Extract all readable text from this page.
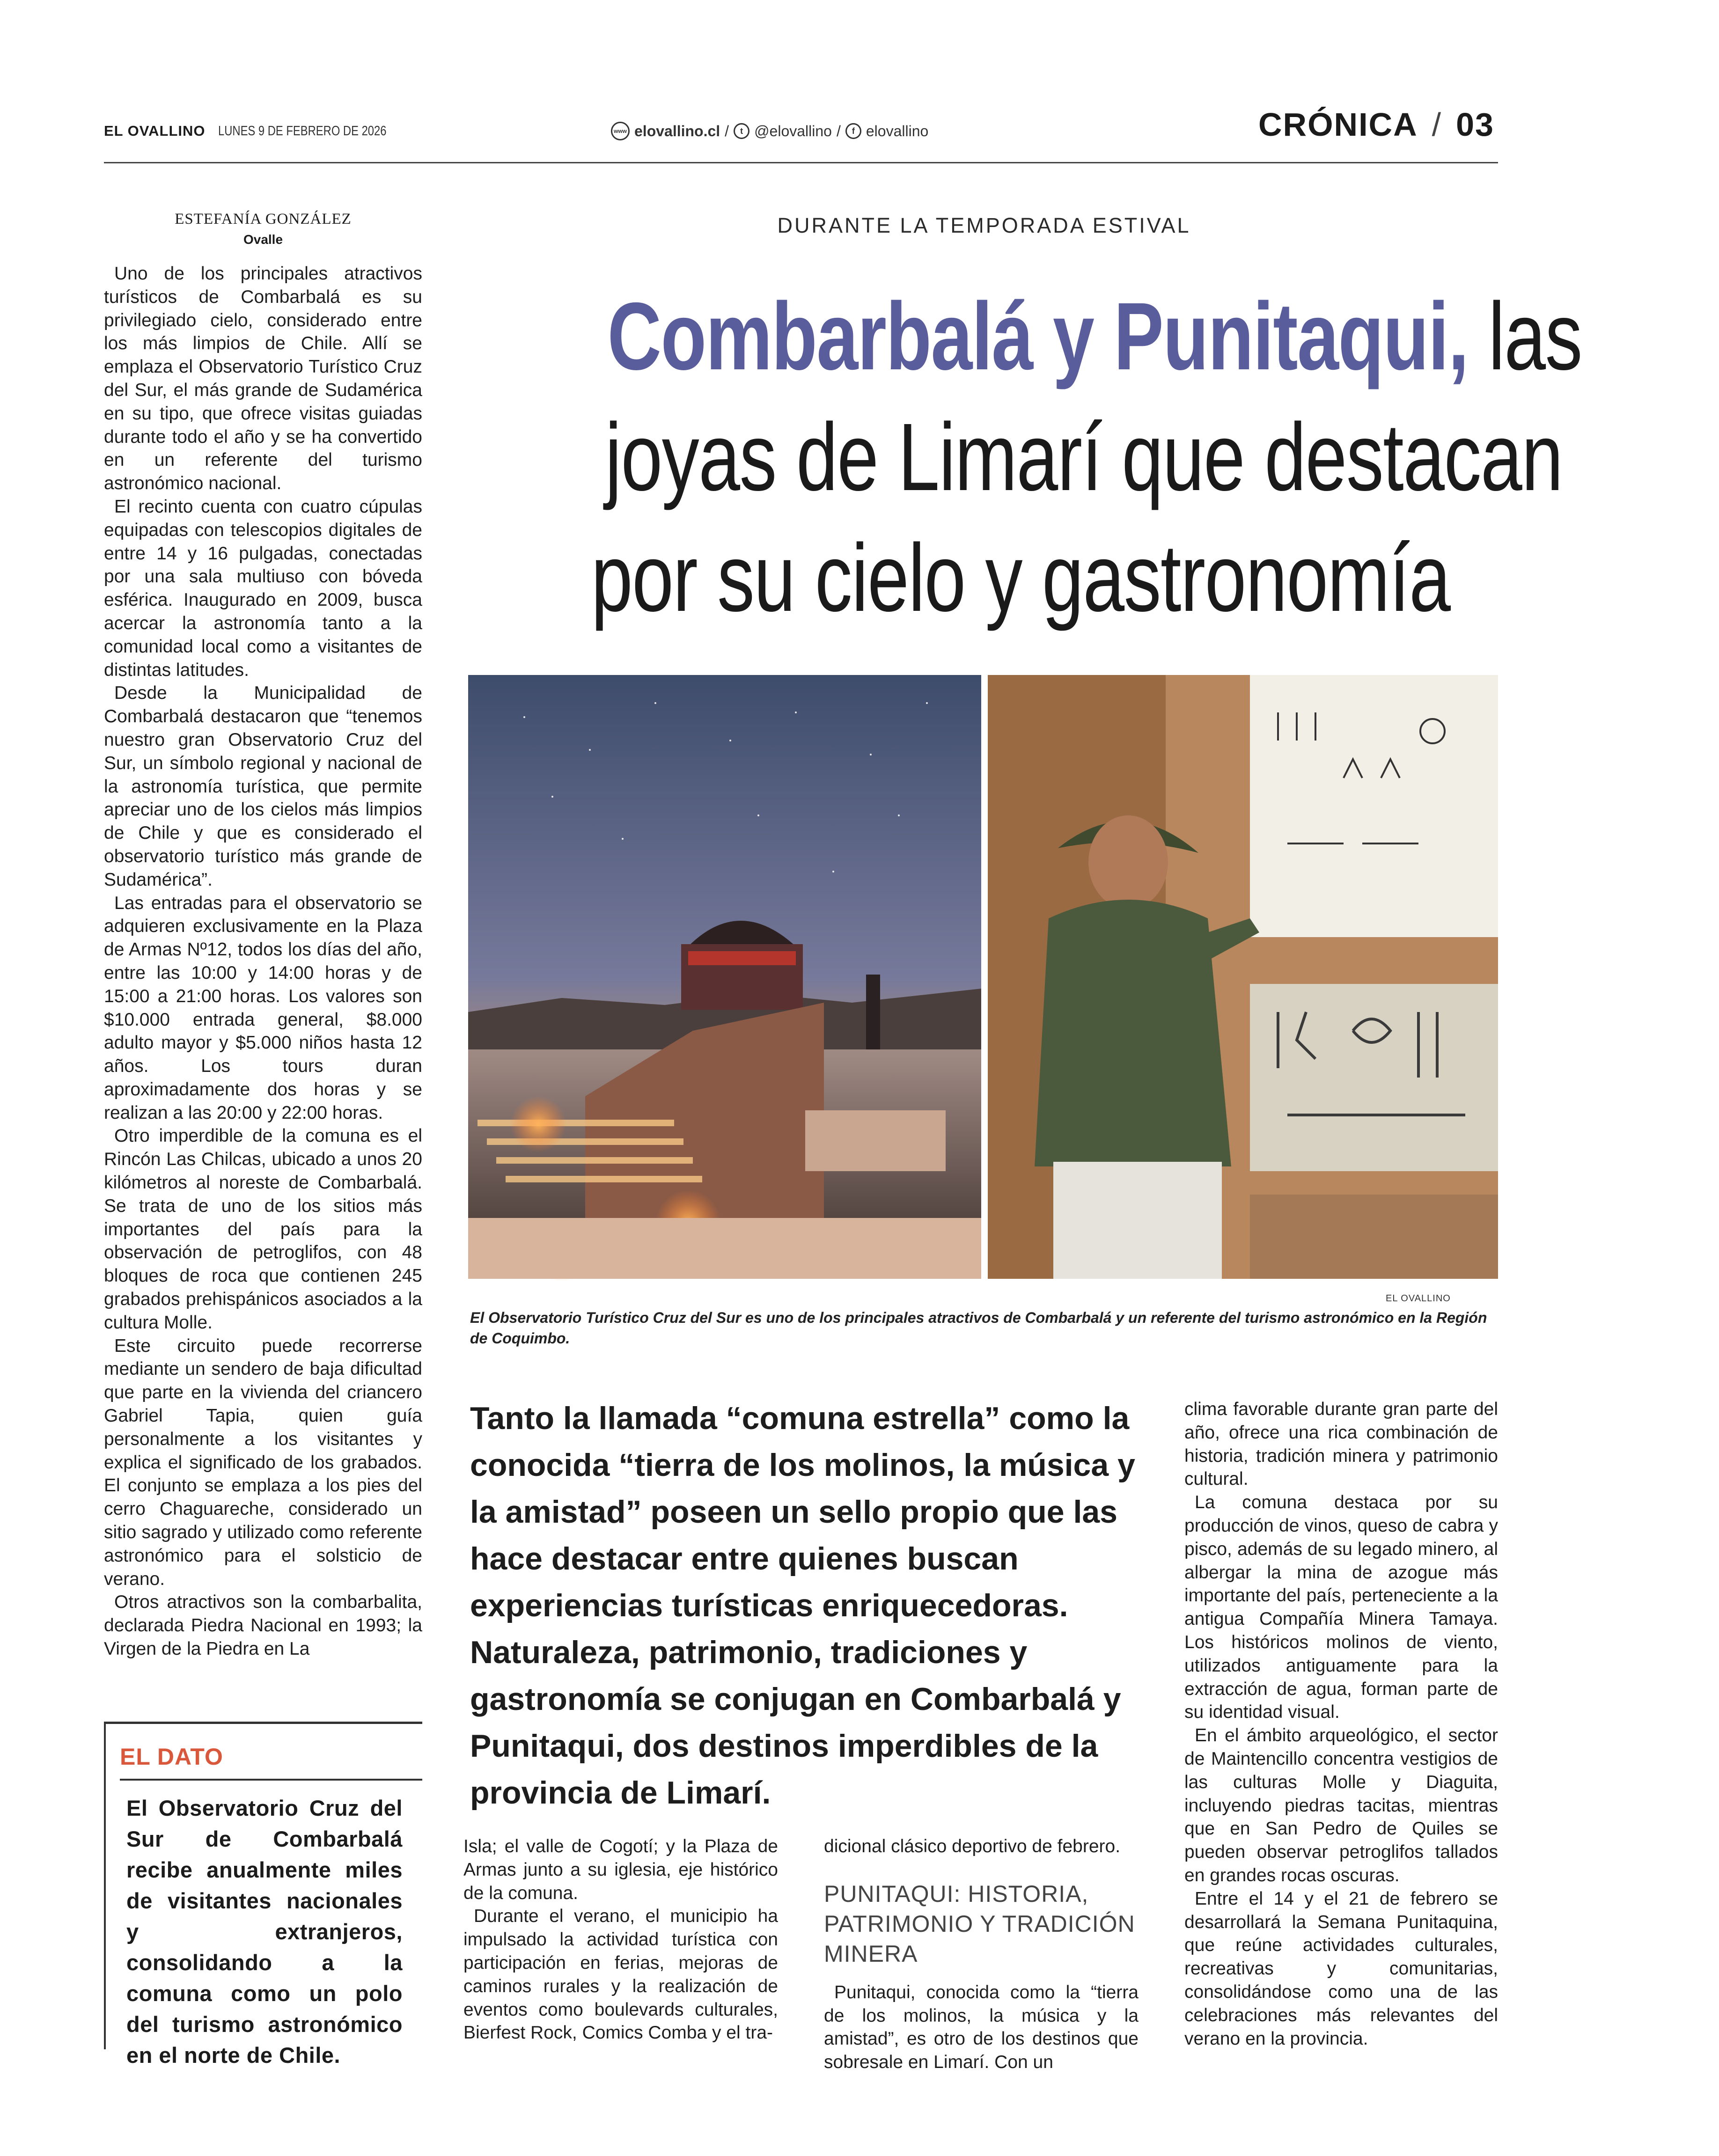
EL OVALLINO LUNES 9 DE FEBRERO DE 2026	www elovallino.cl /	t @elovallino /	f elovallino	CRÓNICA / 03
ESTEFANÍA GONZÁLEZ
Ovalle

Uno de los principales atractivos turísticos de Combarbalá es su privilegiado cielo, considerado entre los más limpios de Chile. Allí se emplaza el Observatorio Turístico Cruz del Sur, el más grande de Sudamérica en su tipo, que ofrece visitas guiadas durante todo el año y se ha convertido en un referente del turismo astronómico nacional.

El recinto cuenta con cuatro cúpulas equipadas con telescopios digitales de entre 14 y 16 pulgadas, conectadas por una sala multiuso con bóveda esférica. Inaugurado en 2009, busca acercar la astronomía tanto a la comunidad local como a visitantes de distintas latitudes.

Desde la Municipalidad de Combarbalá destacaron que “tenemos nuestro gran Observatorio Cruz del Sur, un símbolo regional y nacional de la astronomía turística, que permite apreciar uno de los cielos más limpios de Chile y que es considerado el observatorio turístico más grande de Sudamérica”.

Las entradas para el observatorio se adquieren exclusivamente en la Plaza de Armas Nº12, todos los días del año, entre las 10:00 y 14:00 horas y de 15:00 a 21:00 horas. Los valores son $10.000 entrada general, $8.000 adulto mayor y $5.000 niños hasta 12 años. Los tours duran aproximadamente dos horas y se realizan a las 20:00 y 22:00 horas.

Otro imperdible de la comuna es el Rincón Las Chilcas, ubicado a unos 20 kilómetros al noreste de Combarbalá. Se trata de uno de los sitios más importantes del país para la observación de petroglifos, con 48 bloques de roca que contienen 245 grabados prehispánicos asociados a la cultura Molle.

Este circuito puede recorrerse mediante un sendero de baja dificultad que parte en la vivienda del criancero Gabriel Tapia, quien guía personalmente a los visitantes y explica el significado de los grabados. El conjunto se emplaza a los pies del cerro Chaguareche, considerado un sitio sagrado y utilizado como referente astronómico para el solsticio de verano.

Otros atractivos son la combarbalita, declarada Piedra Nacional en 1993; la Virgen de la Piedra en La

EL DATO
El Observatorio Cruz del Sur de Combarbalá recibe anualmente miles de visitantes nacionales y extranjeros, consolidando a la comuna como un polo del turismo astronómico en el norte de Chile.
DURANTE LA TEMPORADA ESTIVAL
Combarbalá y Punitaqui, las
joyas de Limarí que destacan
por su cielo y gastronomía
EL OVALLINO
El Observatorio Turístico Cruz del Sur es uno de los principales atractivos de Combarbalá y un referente del turismo astronómico en la Región de Coquimbo.
Tanto la llamada “comuna estrella” como la conocida “tierra de los molinos, la música y la amistad” poseen un sello propio que las hace destacar entre quienes buscan experiencias turísticas enriquecedoras. Naturaleza, patrimonio, tradiciones y gastronomía se conjugan en Combarbalá y Punitaqui, dos destinos imperdibles de la provincia de Limarí.

Isla; el valle de Cogotí; y la Plaza de Armas junto a su iglesia, eje histórico de la comuna.

Durante el verano, el municipio ha impulsado la actividad turística con participación en ferias, mejoras de caminos rurales y la realización de eventos como boulevards culturales, Bierfest Rock, Comics Comba y el tra-

dicional clásico deportivo de febrero.

PUNITAQUI: HISTORIA, PATRIMONIO Y TRADICIÓN MINERA

Punitaqui, conocida como la “tierra de los molinos, la música y la amistad”, es otro de los destinos que sobresale en Limarí. Con un

clima favorable durante gran parte del año, ofrece una rica combinación de historia, tradición minera y patrimonio cultural.

La comuna destaca por su producción de vinos, queso de cabra y pisco, además de su legado minero, al albergar la mina de azogue más importante del país, perteneciente a la antigua Compañía Minera Tamaya. Los históricos molinos de viento, utilizados antiguamente para la extracción de agua, forman parte de su identidad visual.

En el ámbito arqueológico, el sector de Maintencillo concentra vestigios de las culturas Molle y Diaguita, incluyendo piedras tacitas, mientras que en San Pedro de Quiles se pueden observar petroglifos tallados en grandes rocas oscuras.

Entre el 14 y el 21 de febrero se desarrollará la Semana Punitaquina, que reúne actividades culturales, recreativas y comunitarias, consolidándose como una de las celebraciones más relevantes del verano en la provincia.
